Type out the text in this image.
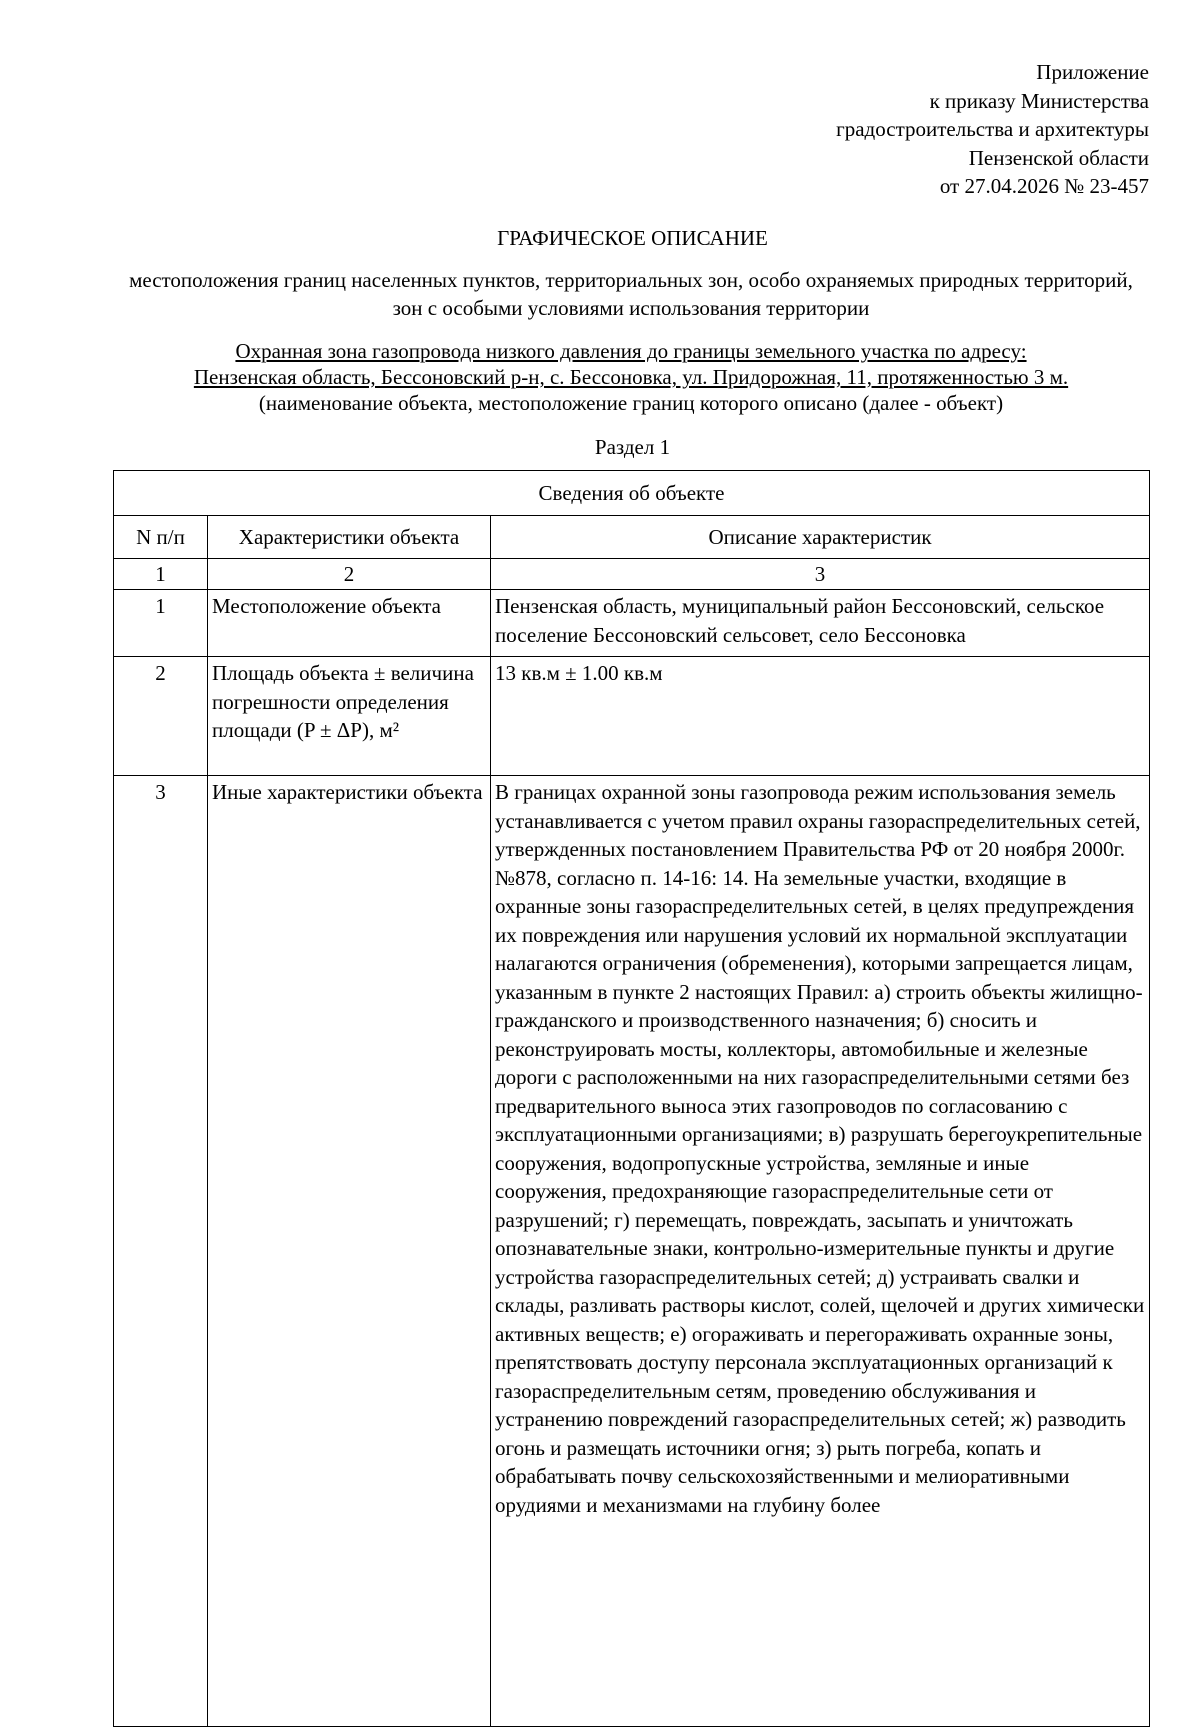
Приложение
к приказу Министерства
градостроительства и архитектуры
Пензенской области
от 27.04.2026 № 23-457
ГРАФИЧЕСКОЕ ОПИСАНИЕ
местоположения границ населенных пунктов, территориальных зон, особо охраняемых природных территорий, зон с особыми условиями использования территории
Охранная зона газопровода низкого давления до границы земельного участка по адресу:
Пензенская область, Бессоновский р-н, с. Бессоновка, ул. Придорожная, 11, протяженностью 3 м.
(наименование объекта, местоположение границ которого описано (далее - объект)
Раздел 1
Сведения об объекте		
N п/п	Характеристики объекта	Описание характеристик
1	2	3
1	Местоположение объекта	Пензенская область, муниципальный район Бессоновский, сельское поселение Бессоновский сельсовет, село Бессоновка
2	Площадь объекта ± величина погрешности определения площади (P ± ΔP), м²	13 кв.м ± 1.00 кв.м
3	Иные характеристики объекта	В границах охранной зоны газопровода режим использования земель устанавливается с учетом правил охраны газораспределительных сетей, утвержденных постановлением Правительства РФ от 20 ноября 2000г. №878, согласно п. 14-16: 14. На земельные участки, входящие в охранные зоны газораспределительных сетей, в целях предупреждения их повреждения или нарушения условий их нормальной эксплуатации налагаются ограничения (обременения), которыми запрещается лицам, указанным в пункте 2 настоящих Правил: а) строить объекты жилищно-гражданского и производственного назначения; б) сносить и реконструировать мосты, коллекторы, автомобильные и железные дороги с расположенными на них газораспределительными сетями без предварительного выноса этих газопроводов по согласованию с эксплуатационными организациями; в) разрушать берегоукрепительные сооружения, водопропускные устройства, земляные и иные сооружения, предохраняющие газораспределительные сети от разрушений; г) перемещать, повреждать, засыпать и уничтожать опознавательные знаки, контрольно-измерительные пункты и другие устройства газораспределительных сетей; д) устраивать свалки и склады, разливать растворы кислот, солей, щелочей и других химически активных веществ; е) огораживать и перегораживать охранные зоны, препятствовать доступу персонала эксплуатационных организаций к газораспределительным сетям, проведению обслуживания и устранению повреждений газораспределительных сетей; ж) разводить огонь и размещать источники огня; з) рыть погреба, копать и обрабатывать почву сельскохозяйственными и мелиоративными орудиями и механизмами на глубину более
